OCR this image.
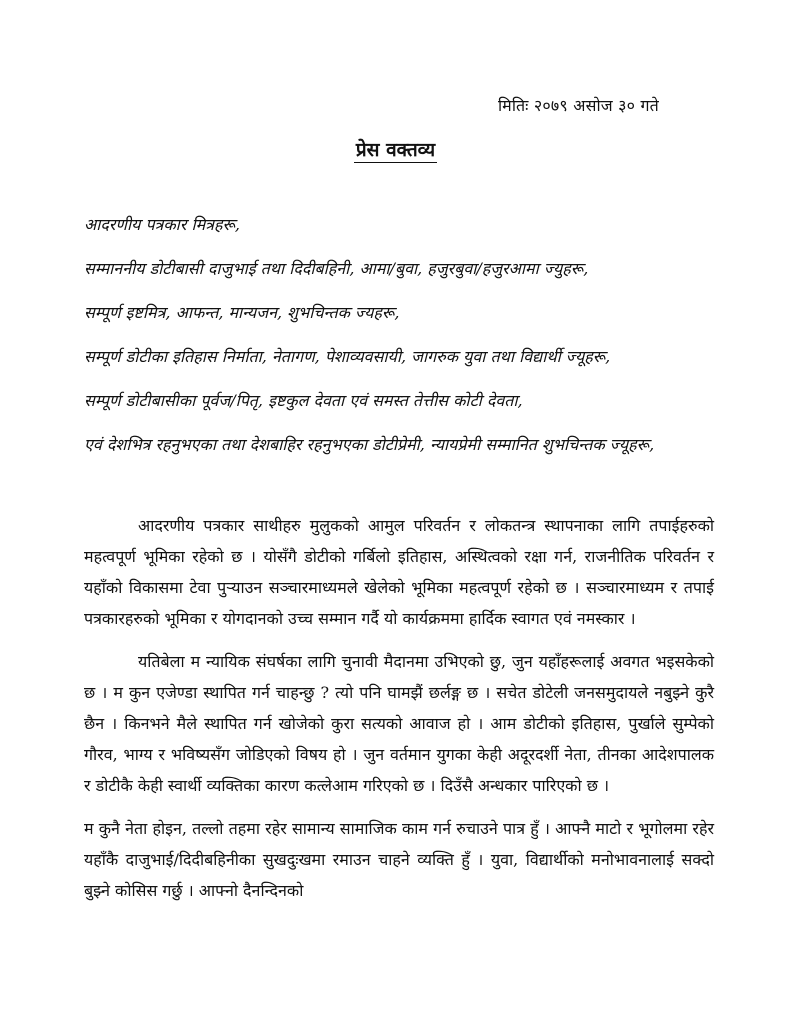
मितिः २०७९ असोज ३० गते
प्रेस वक्तव्य

आदरणीय पत्रकार मित्रहरू,

सम्माननीय डोटीबासी दाजुभाई तथा दिदीबहिनी, आमा/बुवा, हजुरबुवा/हजुरआमा ज्युहरू,

सम्पूर्ण इष्टमित्र, आफन्त, मान्यजन, शुभचिन्तक ज्यहरू,

सम्पूर्ण डोटीका इतिहास निर्माता, नेतागण, पेशाव्यवसायी, जागरुक युवा तथा विद्यार्थी ज्यूहरू,

सम्पूर्ण डोटीबासीका पूर्वज/पितृ, इष्टकुल देवता एवं समस्त तेत्तीस कोटी देवता,

एवं देशभित्र रहनुभएका तथा देशबाहिर रहनुभएका डोटीप्रेमी, न्यायप्रेमी सम्मानित शुभचिन्तक ज्यूहरू,

आदरणीय पत्रकार साथीहरु मुलुकको आमुल परिवर्तन र लोकतन्त्र स्थापनाका लागि तपाईहरुको महत्वपूर्ण भूमिका रहेको छ । योसँगै डोटीको गर्बिलो इतिहास, अस्थित्वको रक्षा गर्न, राजनीतिक परिवर्तन र यहाँको विकासमा टेवा पुऱ्याउन सञ्चारमाध्यमले खेलेको भूमिका महत्वपूर्ण रहेको छ । सञ्चारमाध्यम र तपाई पत्रकारहरुको भूमिका र योगदानको उच्च सम्मान गर्दै यो कार्यक्रममा हार्दिक स्वागत एवं नमस्कार ।

यतिबेला म न्यायिक संघर्षका लागि चुनावी मैदानमा उभिएको छु, जुन यहाँहरूलाई अवगत भइसकेको छ । म कुन एजेण्डा स्थापित गर्न चाहन्छु ? त्यो पनि घामझैं छर्लङ्ग छ । सचेत डोटेली जनसमुदायले नबुझ्ने कुरै छैन । किनभने मैले स्थापित गर्न खोजेको कुरा सत्यको आवाज हो । आम डोटीको इतिहास, पुर्खाले सुम्पेको गौरव, भाग्य र भविष्यसँग जोडिएको विषय हो । जुन वर्तमान युगका केही अदूरदर्शी नेता, तीनका आदेशपालक र डोटीकै केही स्वार्थी व्यक्तिका कारण कत्लेआम गरिएको छ । दिउँसै अन्धकार पारिएको छ ।

म कुनै नेता होइन, तल्लो तहमा रहेर सामान्य सामाजिक काम गर्न रुचाउने पात्र हुँ । आफ्नै माटो र भूगोलमा रहेर यहाँकै दाजुभाई/दिदीबहिनीका सुखदुःखमा रमाउन चाहने व्यक्ति हुँ । युवा, विद्यार्थीको मनोभावनालाई सक्दो बुझ्ने कोसिस गर्छु । आफ्नो दैनन्दिनको
